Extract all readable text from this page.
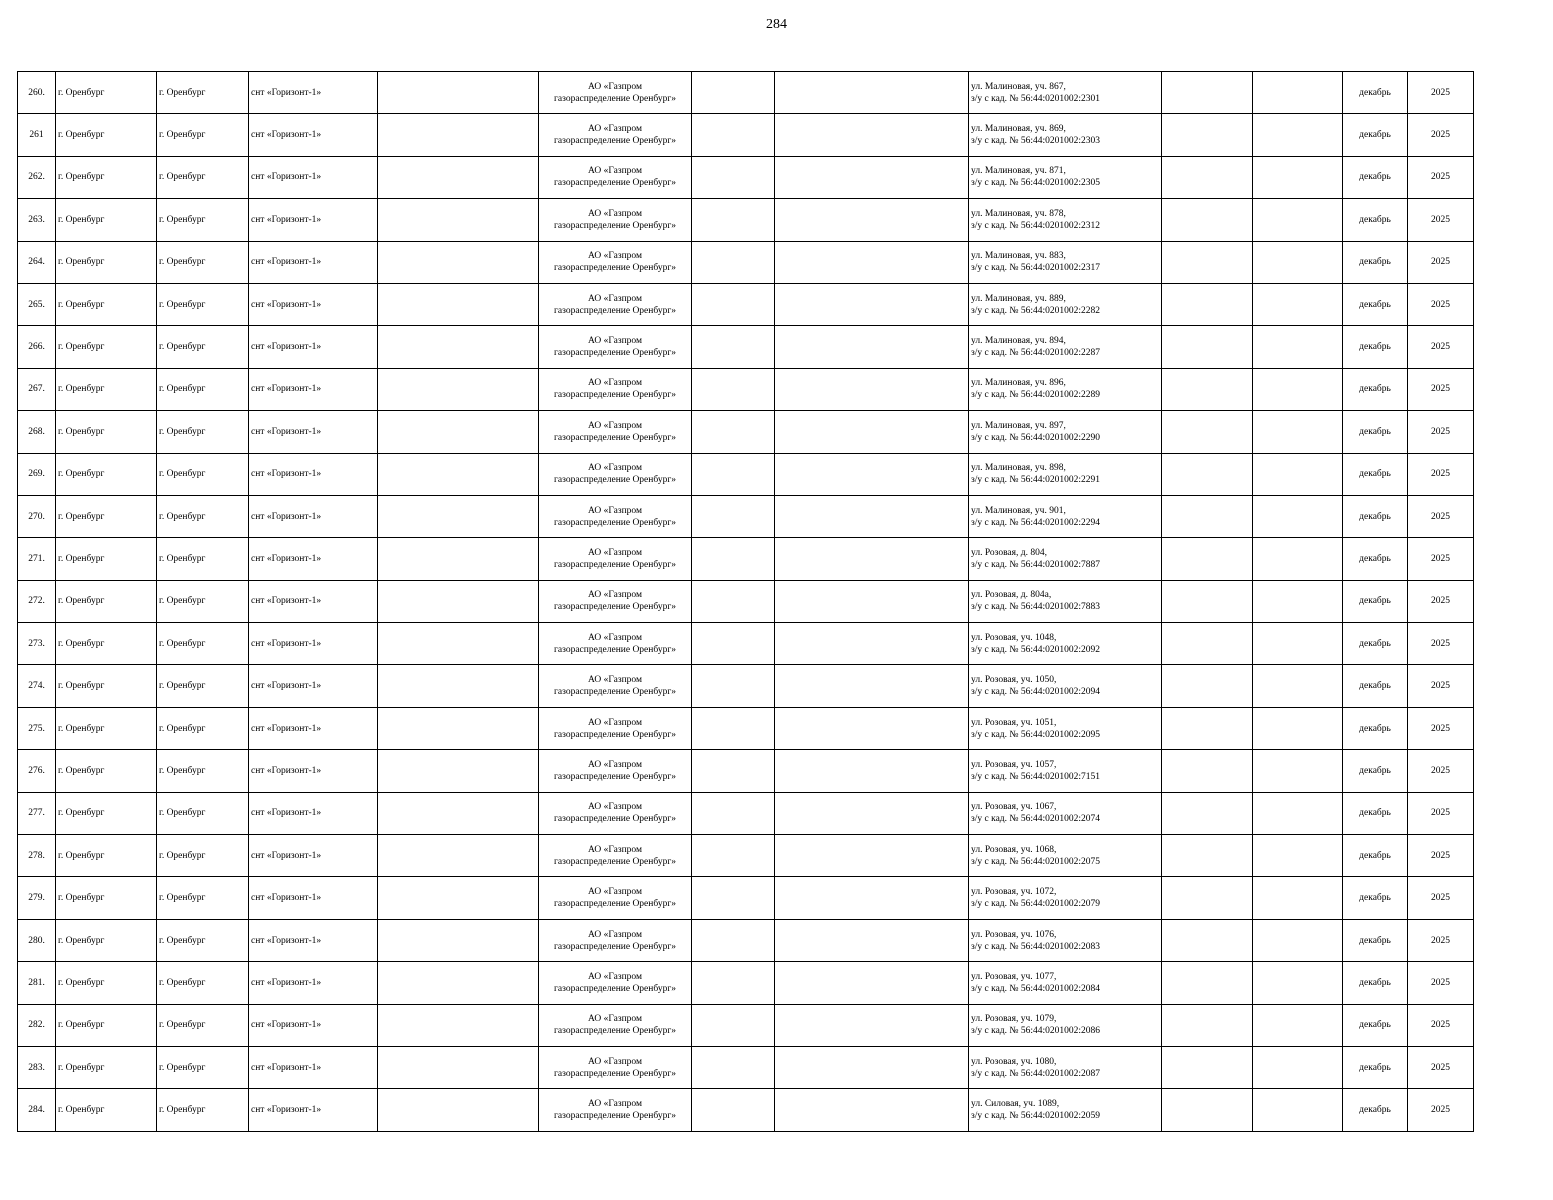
284
260.	г. Оренбург	г. Оренбург	снт «Горизонт-1»		АО «Газпром
газораспределение Оренбург»			ул. Малиновая, уч. 867,
з/у с кад. № 56:44:0201002:2301			декабрь	2025
261	г. Оренбург	г. Оренбург	снт «Горизонт-1»		АО «Газпром
газораспределение Оренбург»			ул. Малиновая, уч. 869,
з/у с кад. № 56:44:0201002:2303			декабрь	2025
262.	г. Оренбург	г. Оренбург	снт «Горизонт-1»		АО «Газпром
газораспределение Оренбург»			ул. Малиновая, уч. 871,
з/у с кад. № 56:44:0201002:2305			декабрь	2025
263.	г. Оренбург	г. Оренбург	снт «Горизонт-1»		АО «Газпром
газораспределение Оренбург»			ул. Малиновая, уч. 878,
з/у с кад. № 56:44:0201002:2312			декабрь	2025
264.	г. Оренбург	г. Оренбург	снт «Горизонт-1»		АО «Газпром
газораспределение Оренбург»			ул. Малиновая, уч. 883,
з/у с кад. № 56:44:0201002:2317			декабрь	2025
265.	г. Оренбург	г. Оренбург	снт «Горизонт-1»		АО «Газпром
газораспределение Оренбург»			ул. Малиновая, уч. 889,
з/у с кад. № 56:44:0201002:2282			декабрь	2025
266.	г. Оренбург	г. Оренбург	снт «Горизонт-1»		АО «Газпром
газораспределение Оренбург»			ул. Малиновая, уч. 894,
з/у с кад. № 56:44:0201002:2287			декабрь	2025
267.	г. Оренбург	г. Оренбург	снт «Горизонт-1»		АО «Газпром
газораспределение Оренбург»			ул. Малиновая, уч. 896,
з/у с кад. № 56:44:0201002:2289			декабрь	2025
268.	г. Оренбург	г. Оренбург	снт «Горизонт-1»		АО «Газпром
газораспределение Оренбург»			ул. Малиновая, уч. 897,
з/у с кад. № 56:44:0201002:2290			декабрь	2025
269.	г. Оренбург	г. Оренбург	снт «Горизонт-1»		АО «Газпром
газораспределение Оренбург»			ул. Малиновая, уч. 898,
з/у с кад. № 56:44:0201002:2291			декабрь	2025
270.	г. Оренбург	г. Оренбург	снт «Горизонт-1»		АО «Газпром
газораспределение Оренбург»			ул. Малиновая, уч. 901,
з/у с кад. № 56:44:0201002:2294			декабрь	2025
271.	г. Оренбург	г. Оренбург	снт «Горизонт-1»		АО «Газпром
газораспределение Оренбург»			ул. Розовая, д. 804,
з/у с кад. № 56:44:0201002:7887			декабрь	2025
272.	г. Оренбург	г. Оренбург	снт «Горизонт-1»		АО «Газпром
газораспределение Оренбург»			ул. Розовая, д. 804а,
з/у с кад. № 56:44:0201002:7883			декабрь	2025
273.	г. Оренбург	г. Оренбург	снт «Горизонт-1»		АО «Газпром
газораспределение Оренбург»			ул. Розовая, уч. 1048,
з/у с кад. № 56:44:0201002:2092			декабрь	2025
274.	г. Оренбург	г. Оренбург	снт «Горизонт-1»		АО «Газпром
газораспределение Оренбург»			ул. Розовая, уч. 1050,
з/у с кад. № 56:44:0201002:2094			декабрь	2025
275.	г. Оренбург	г. Оренбург	снт «Горизонт-1»		АО «Газпром
газораспределение Оренбург»			ул. Розовая, уч. 1051,
з/у с кад. № 56:44:0201002:2095			декабрь	2025
276.	г. Оренбург	г. Оренбург	снт «Горизонт-1»		АО «Газпром
газораспределение Оренбург»			ул. Розовая, уч. 1057,
з/у с кад. № 56:44:0201002:7151			декабрь	2025
277.	г. Оренбург	г. Оренбург	снт «Горизонт-1»		АО «Газпром
газораспределение Оренбург»			ул. Розовая, уч. 1067,
з/у с кад. № 56:44:0201002:2074			декабрь	2025
278.	г. Оренбург	г. Оренбург	снт «Горизонт-1»		АО «Газпром
газораспределение Оренбург»			ул. Розовая, уч. 1068,
з/у с кад. № 56:44:0201002:2075			декабрь	2025
279.	г. Оренбург	г. Оренбург	снт «Горизонт-1»		АО «Газпром
газораспределение Оренбург»			ул. Розовая, уч. 1072,
з/у с кад. № 56:44:0201002:2079			декабрь	2025
280.	г. Оренбург	г. Оренбург	снт «Горизонт-1»		АО «Газпром
газораспределение Оренбург»			ул. Розовая, уч. 1076,
з/у с кад. № 56:44:0201002:2083			декабрь	2025
281.	г. Оренбург	г. Оренбург	снт «Горизонт-1»		АО «Газпром
газораспределение Оренбург»			ул. Розовая, уч. 1077,
з/у с кад. № 56:44:0201002:2084			декабрь	2025
282.	г. Оренбург	г. Оренбург	снт «Горизонт-1»		АО «Газпром
газораспределение Оренбург»			ул. Розовая, уч. 1079,
з/у с кад. № 56:44:0201002:2086			декабрь	2025
283.	г. Оренбург	г. Оренбург	снт «Горизонт-1»		АО «Газпром
газораспределение Оренбург»			ул. Розовая, уч. 1080,
з/у с кад. № 56:44:0201002:2087			декабрь	2025
284.	г. Оренбург	г. Оренбург	снт «Горизонт-1»		АО «Газпром
газораспределение Оренбург»			ул. Силовая, уч. 1089,
з/у с кад. № 56:44:0201002:2059			декабрь	2025
